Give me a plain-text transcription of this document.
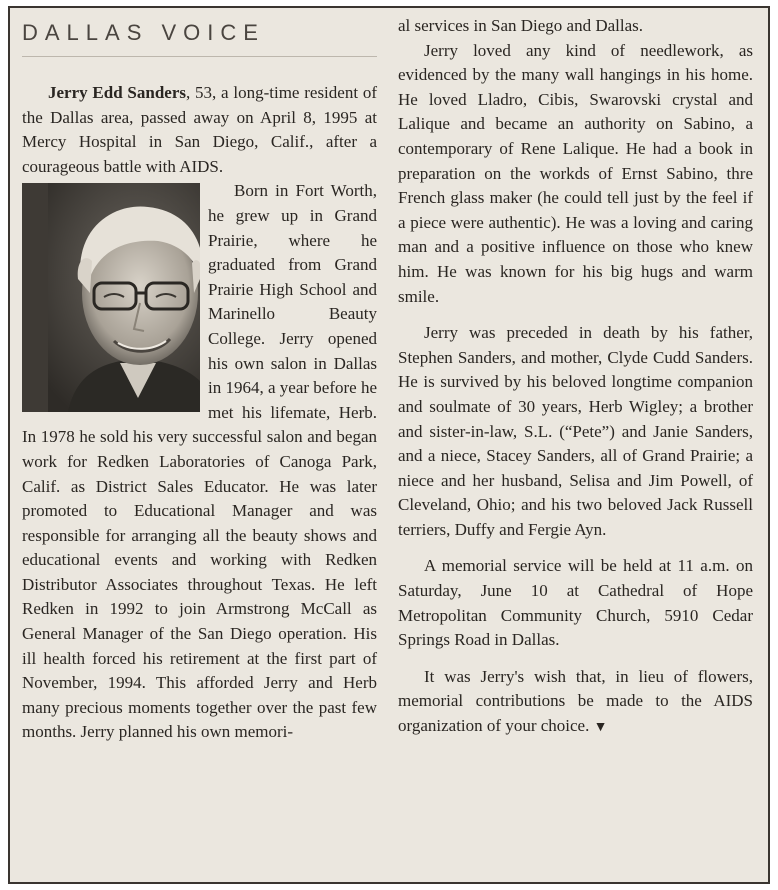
DALLAS VOICE

Jerry Edd Sanders, 53, a long-time resident of the Dallas area, passed away on April 8, 1995 at Mercy Hospital in San Diego, Calif., after a courageous battle with AIDS.

Born in Fort Worth, he grew up in Grand Prairie, where he graduated from Grand Prairie High School and Marinello Beauty College. Jerry opened his own salon in Dallas in 1964, a year before he met his lifemate, Herb. In 1978 he sold his very successful salon and began work for Redken Laboratories of Canoga Park, Calif. as District Sales Educator. He was later promoted to Educational Manager and was responsible for arranging all the beauty shows and educational events and working with Redken Distributor Associates throughout Texas. He left Redken in 1992 to join Armstrong McCall as General Manager of the San Diego operation. His ill health forced his retirement at the first part of November, 1994. This afforded Jerry and Herb many precious moments together over the past few months. Jerry planned his own memori-

al services in San Diego and Dallas.

Jerry loved any kind of needlework, as evidenced by the many wall hangings in his home. He loved Lladro, Cibis, Swarovski crystal and Lalique and became an authority on Sabino, a contemporary of Rene Lalique. He had a book in preparation on the workds of Ernst Sabino, thre French glass maker (he could tell just by the feel if a piece were authentic). He was a loving and caring man and a positive influence on those who knew him. He was known for his big hugs and warm smile.

Jerry was preceded in death by his father, Stephen Sanders, and mother, Clyde Cudd Sanders. He is survived by his beloved longtime companion and soulmate of 30 years, Herb Wigley; a brother and sister-in-law, S.L. (“Pete”) and Janie Sanders, and a niece, Stacey Sanders, all of Grand Prairie; a niece and her husband, Selisa and Jim Powell, of Cleveland, Ohio; and his two beloved Jack Russell terriers, Duffy and Fergie Ayn.

A memorial service will be held at 11 a.m. on Saturday, June 10 at Cathedral of Hope Metropolitan Community Church, 5910 Cedar Springs Road in Dallas.

It was Jerry's wish that, in lieu of flowers, memorial contributions be made to the AIDS organization of your choice. ▼
